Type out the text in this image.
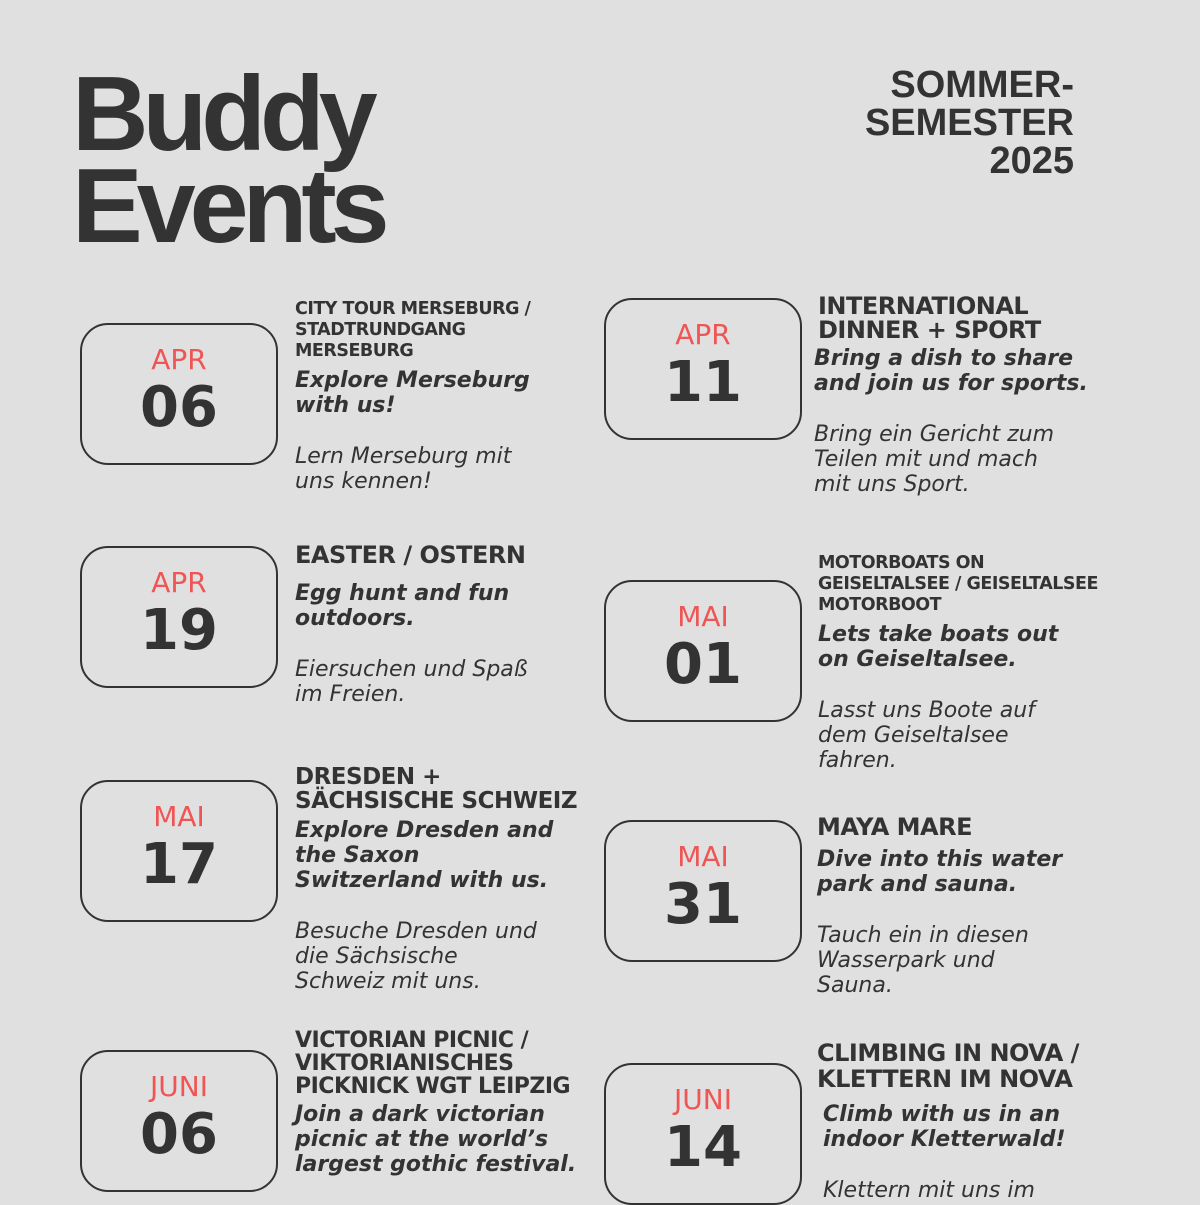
Buddy
Events
SOMMER-
SEMESTER
2025
APR
06

CITY TOUR MERSEBURG /
STADTRUNDGANG
MERSEBURG

Explore Merseburg
with us!

Lern Merseburg mit
uns kennen!

APR
11

INTERNATIONAL
DINNER + SPORT

Bring a dish to share
and join us for sports.

Bring ein Gericht zum
Teilen mit und mach
mit uns Sport.

APR
19

EASTER / OSTERN

Egg hunt and fun
outdoors.

Eiersuchen und Spaß
im Freien.

MAI
01

MOTORBOATS ON
GEISELTALSEE / GEISELTALSEE
MOTORBOOT

Lets take boats out
on Geiseltalsee.

Lasst uns Boote auf
dem Geiseltalsee
fahren.

MAI
17

DRESDEN +
SÄCHSISCHE SCHWEIZ

Explore Dresden and
the Saxon
Switzerland with us.

Besuche Dresden und
die Sächsische
Schweiz mit uns.

MAI
31

MAYA MARE

Dive into this water
park and sauna.

Tauch ein in diesen
Wasserpark und
Sauna.

JUNI
06

VICTORIAN PICNIC /
VIKTORIANISCHES
PICKNICK WGT LEIPZIG

Join a dark victorian
picnic at the world’s
largest gothic festival.

JUNI
14

CLIMBING IN NOVA /
KLETTERN IM NOVA

Climb with us in an
indoor Kletterwald!

Klettern mit uns im
